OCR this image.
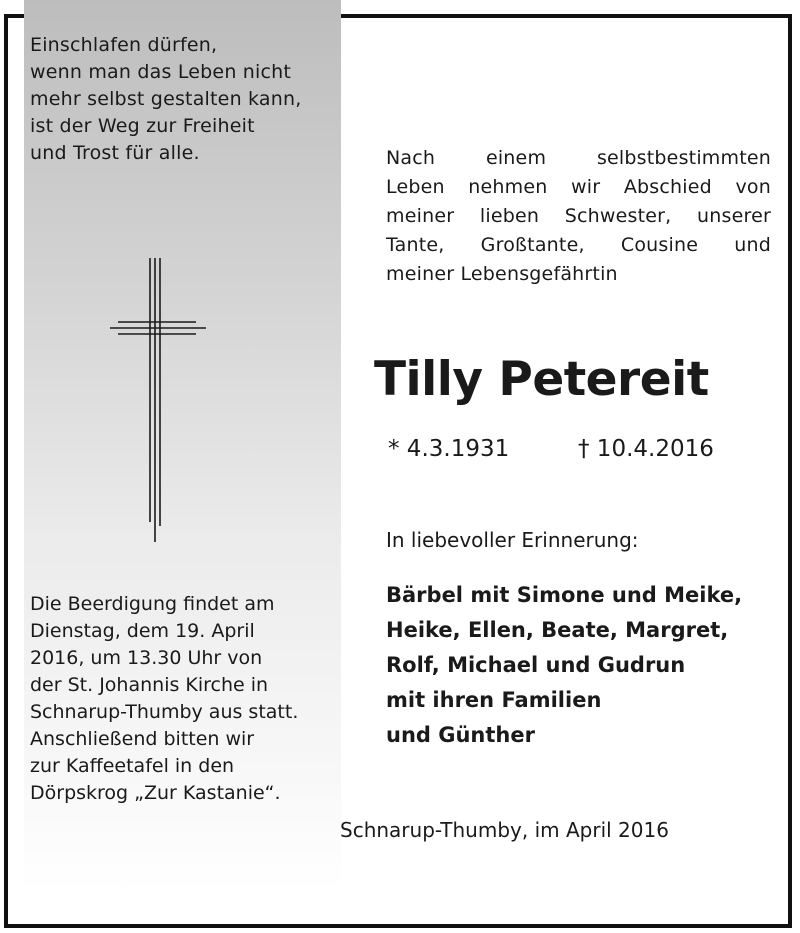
Einschlafen dürfen,
wenn man das Leben nicht
mehr selbst gestalten kann,
ist der Weg zur Freiheit
und Trost für alle.

Die Beerdigung findet am
Dienstag, dem 19. April
2016, um 13.30 Uhr von
der St. Johannis Kirche in
Schnarup-Thumby aus statt.
Anschließend bitten wir
zur Kaffeetafel in den
Dörpskrog „Zur Kastanie“.

Nach einem selbstbestimmten
Leben nehmen wir Abschied von
meiner lieben Schwester, unserer
Tante, Großtante, Cousine und
meiner Lebensgefährtin
Tilly Petereit
* 4.3.1931	† 10.4.2016
In liebevoller Erinnerung:
Bärbel mit Simone und Meike,
Heike, Ellen, Beate, Margret,
Rolf, Michael und Gudrun
mit ihren Familien
und Günther
Schnarup-Thumby, im April 2016
